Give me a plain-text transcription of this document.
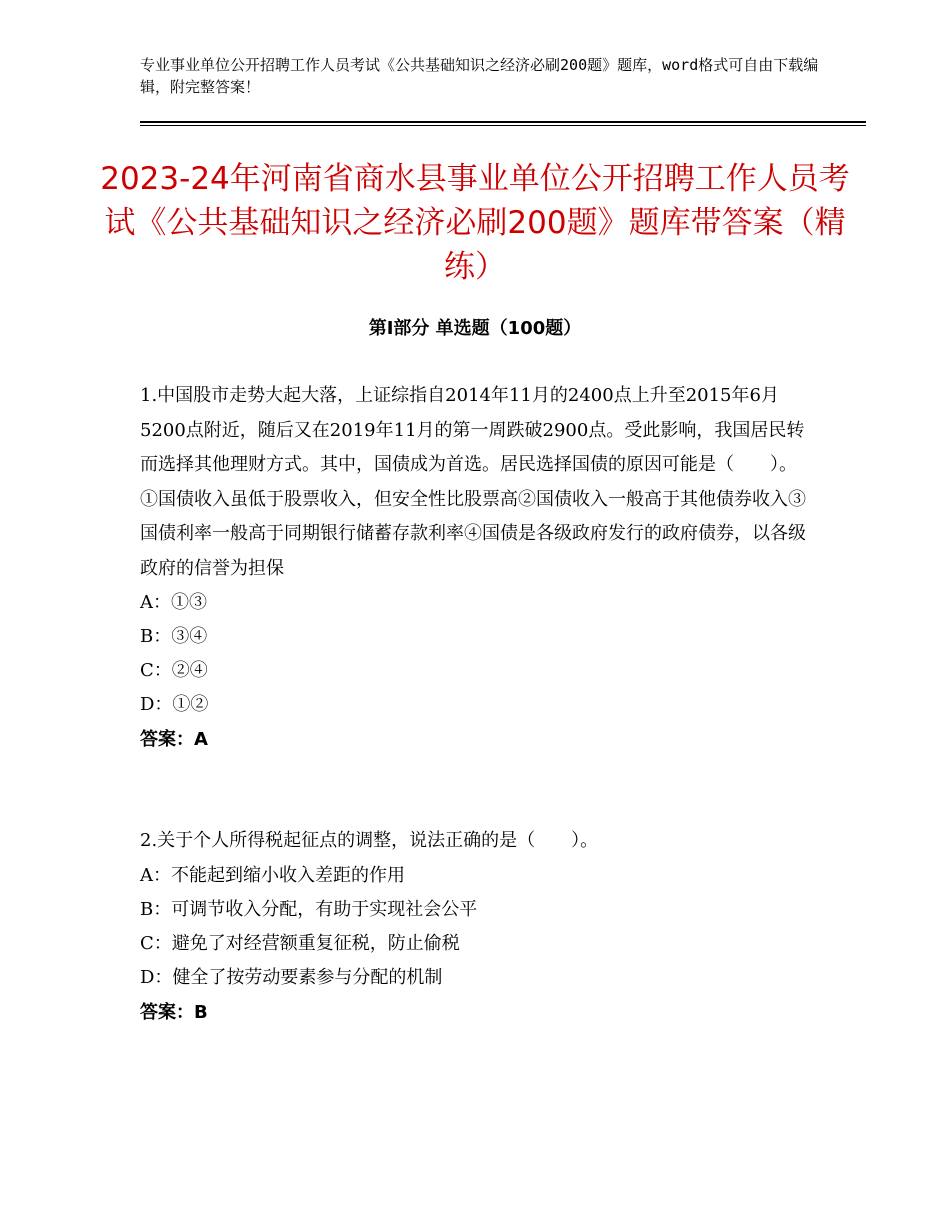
专业事业单位公开招聘工作人员考试《公共基础知识之经济必刷200题》题库，word格式可自由下载编辑，附完整答案！
2023-24年河南省商水县事业单位公开招聘工作人员考试《公共基础知识之经济必刷200题》题库带答案（精练）
第Ⅰ部分 单选题（100题）

1.中国股市走势大起大落，上证综指自2014年11月的2400点上升至2015年6月5200点附近，随后又在2019年11月的第一周跌破2900点。受此影响，我国居民转而选择其他理财方式。其中，国债成为首选。居民选择国债的原因可能是（　　）。①国债收入虽低于股票收入，但安全性比股票高②国债收入一般高于其他债券收入③国债利率一般高于同期银行储蓄存款利率④国债是各级政府发行的政府债券，以各级政府的信誉为担保

A：①③

B：③④

C：②④

D：①②

答案：A

2.关于个人所得税起征点的调整，说法正确的是（　　）。

A：不能起到缩小收入差距的作用

B：可调节收入分配，有助于实现社会公平

C：避免了对经营额重复征税，防止偷税

D：健全了按劳动要素参与分配的机制

答案：B
